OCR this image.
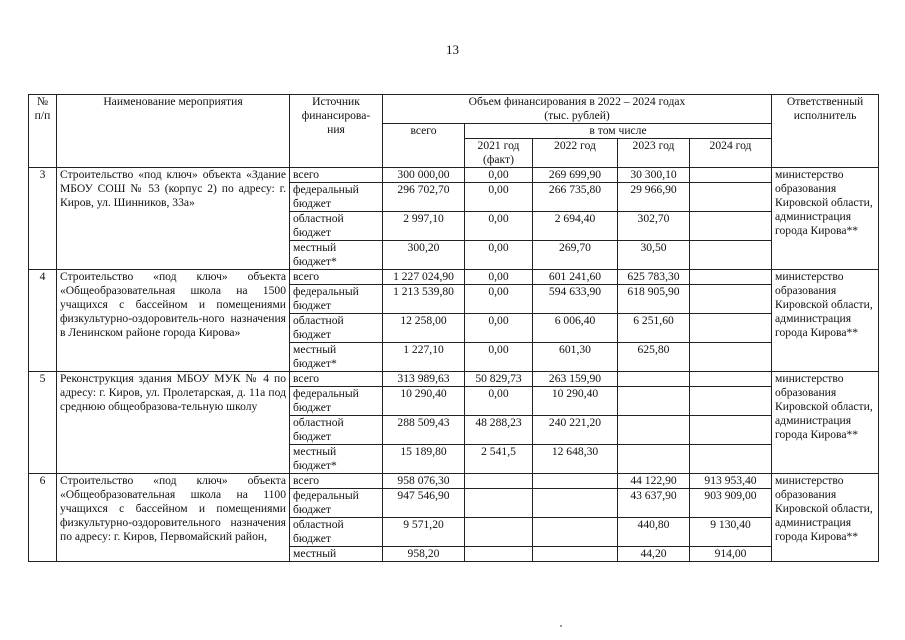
13
№
п/п	Наименование мероприятия	Источник
финансирова-
ния	Объем финансирования в 2022 – 2024 годах
(тыс. рублей)					Ответственный
исполнитель
			всего	в том числе				
				2021 год
(факт)	2022 год	2023 год	2024 год	
3	Строительство «под ключ» объекта «Здание МБОУ СОШ № 53 (корпус 2) по адресу: г. Киров, ул. Шинников, 33а»	всего	300 000,00	0,00	269 699,90	30 300,10		министерство образования Кировской области, администрация города Кирова**
		федеральный бюджет	296 702,70	0,00	266 735,80	29 966,90		
		областной бюджет	2 997,10	0,00	2 694,40	302,70		
		местный бюджет*	300,20	0,00	269,70	30,50		
4	Строительство «под ключ» объекта «Общеобразовательная школа на 1500 учащихся с бассейном и помещениями физкультурно-оздоровитель-ного назначения в Ленинском районе города Кирова»	всего	1 227 024,90	0,00	601 241,60	625 783,30		министерство образования Кировской области, администрация города Кирова**
		федеральный бюджет	1 213 539,80	0,00	594 633,90	618 905,90		
		областной бюджет	12 258,00	0,00	6 006,40	6 251,60		
		местный бюджет*	1 227,10	0,00	601,30	625,80		
5	Реконструкция здания МБОУ МУК № 4 по адресу: г. Киров, ул. Пролетарская, д. 11а под среднюю общеобразова-тельную школу	всего	313 989,63	50 829,73	263 159,90			министерство образования Кировской области, администрация города Кирова**
		федеральный бюджет	10 290,40	0,00	10 290,40			
		областной бюджет	288 509,43	48 288,23	240 221,20			
		местный бюджет*	15 189,80	2 541,5	12 648,30			
6	Строительство «под ключ» объекта «Общеобразовательная школа на 1100 учащихся с бассейном и помещениями физкультурно-оздоровительного назначения по адресу: г. Киров, Первомайский район,	всего	958 076,30			44 122,90	913 953,40	министерство образования Кировской области, администрация города Кирова**
		федеральный бюджет	947 546,90			43 637,90	903 909,00	
		областной бюджет	9 571,20			440,80	9 130,40	
		местный	958,20			44,20	914,00	
